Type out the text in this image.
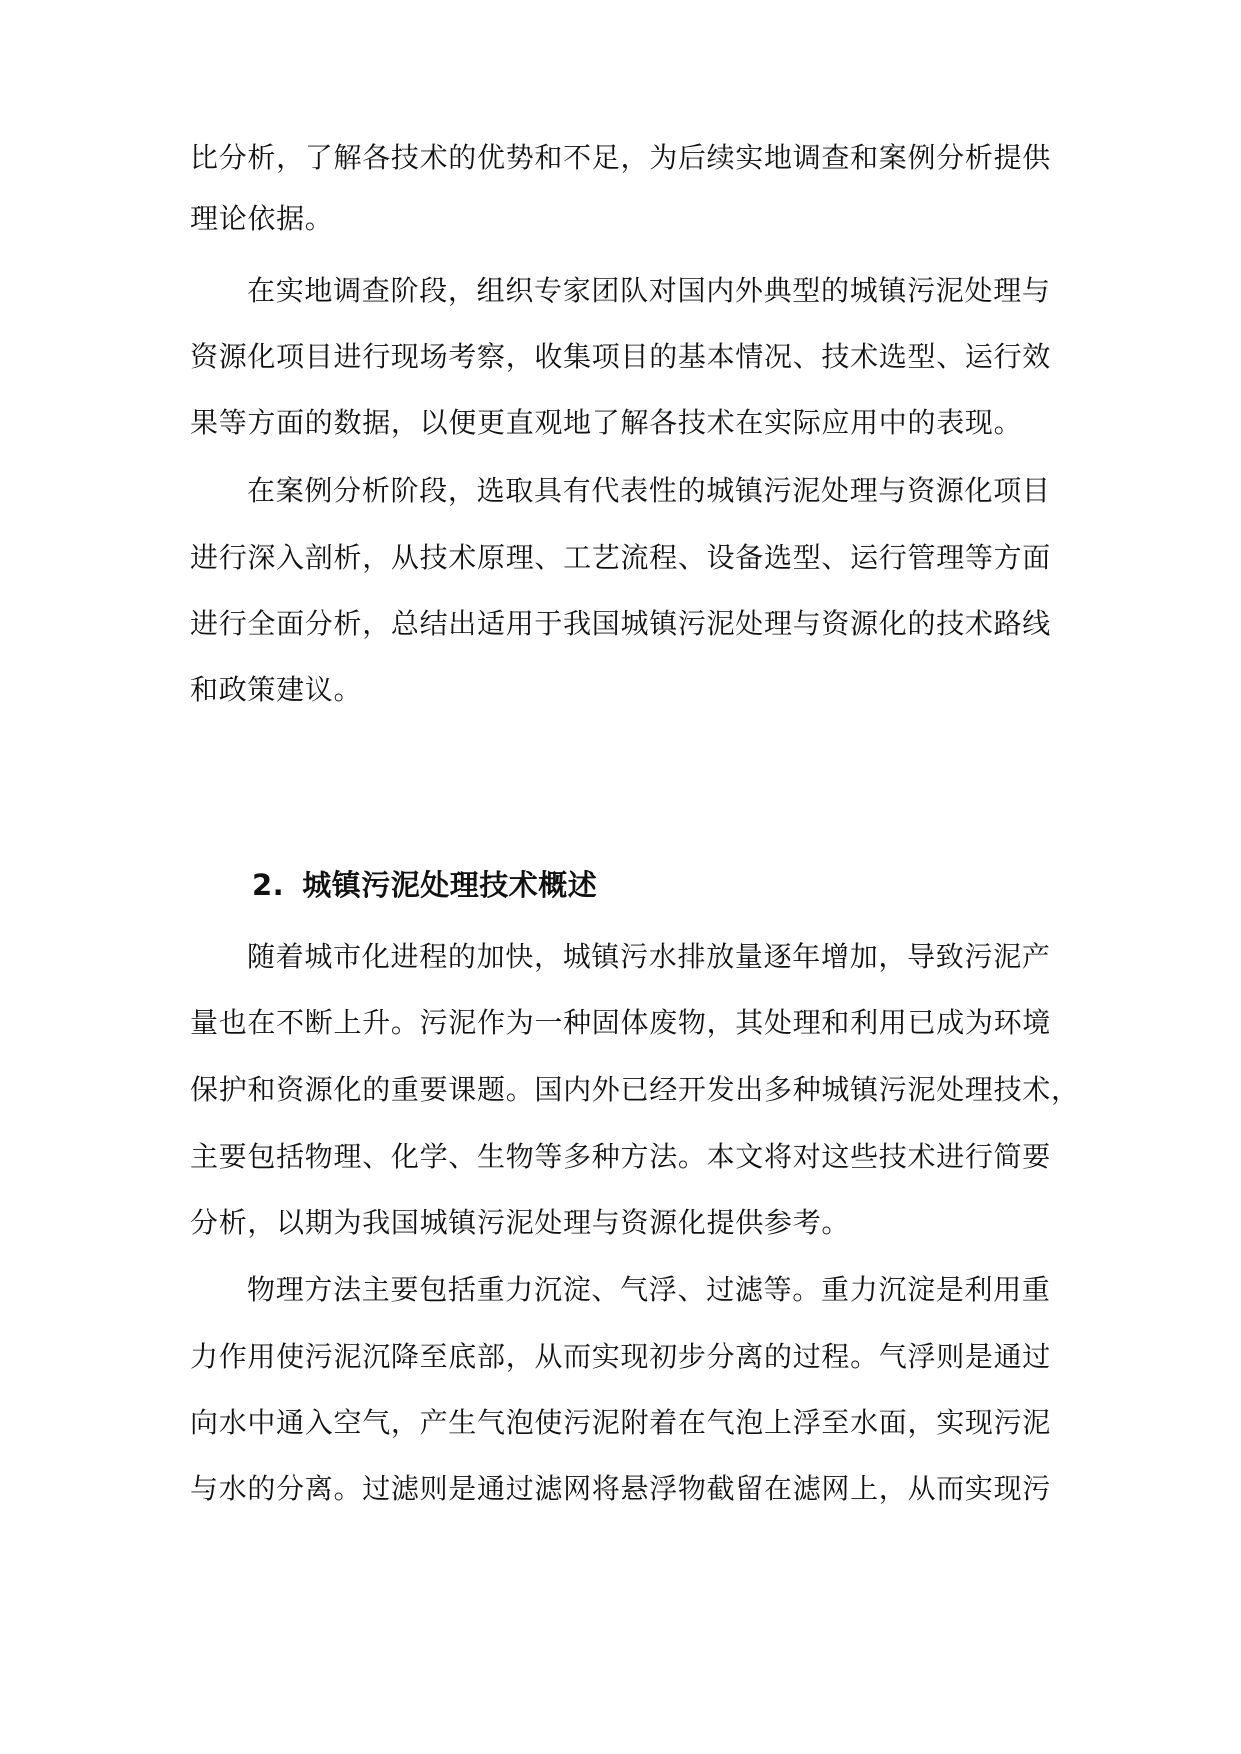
比分析，了解各技术的优势和不足，为后续实地调查和案例分析提供
理论依据。
在实地调查阶段，组织专家团队对国内外典型的城镇污泥处理与
资源化项目进行现场考察，收集项目的基本情况、技术选型、运行效
果等方面的数据，以便更直观地了解各技术在实际应用中的表现。
在案例分析阶段，选取具有代表性的城镇污泥处理与资源化项目
进行深入剖析，从技术原理、工艺流程、设备选型、运行管理等方面
进行全面分析，总结出适用于我国城镇污泥处理与资源化的技术路线
和政策建议。
2. 城镇污泥处理技术概述
随着城市化进程的加快，城镇污水排放量逐年增加，导致污泥产
量也在不断上升。污泥作为一种固体废物，其处理和利用已成为环境
保护和资源化的重要课题。国内外已经开发出多种城镇污泥处理技术，
主要包括物理、化学、生物等多种方法。本文将对这些技术进行简要
分析，以期为我国城镇污泥处理与资源化提供参考。
物理方法主要包括重力沉淀、气浮、过滤等。重力沉淀是利用重
力作用使污泥沉降至底部，从而实现初步分离的过程。气浮则是通过
向水中通入空气，产生气泡使污泥附着在气泡上浮至水面，实现污泥
与水的分离。过滤则是通过滤网将悬浮物截留在滤网上，从而实现污
